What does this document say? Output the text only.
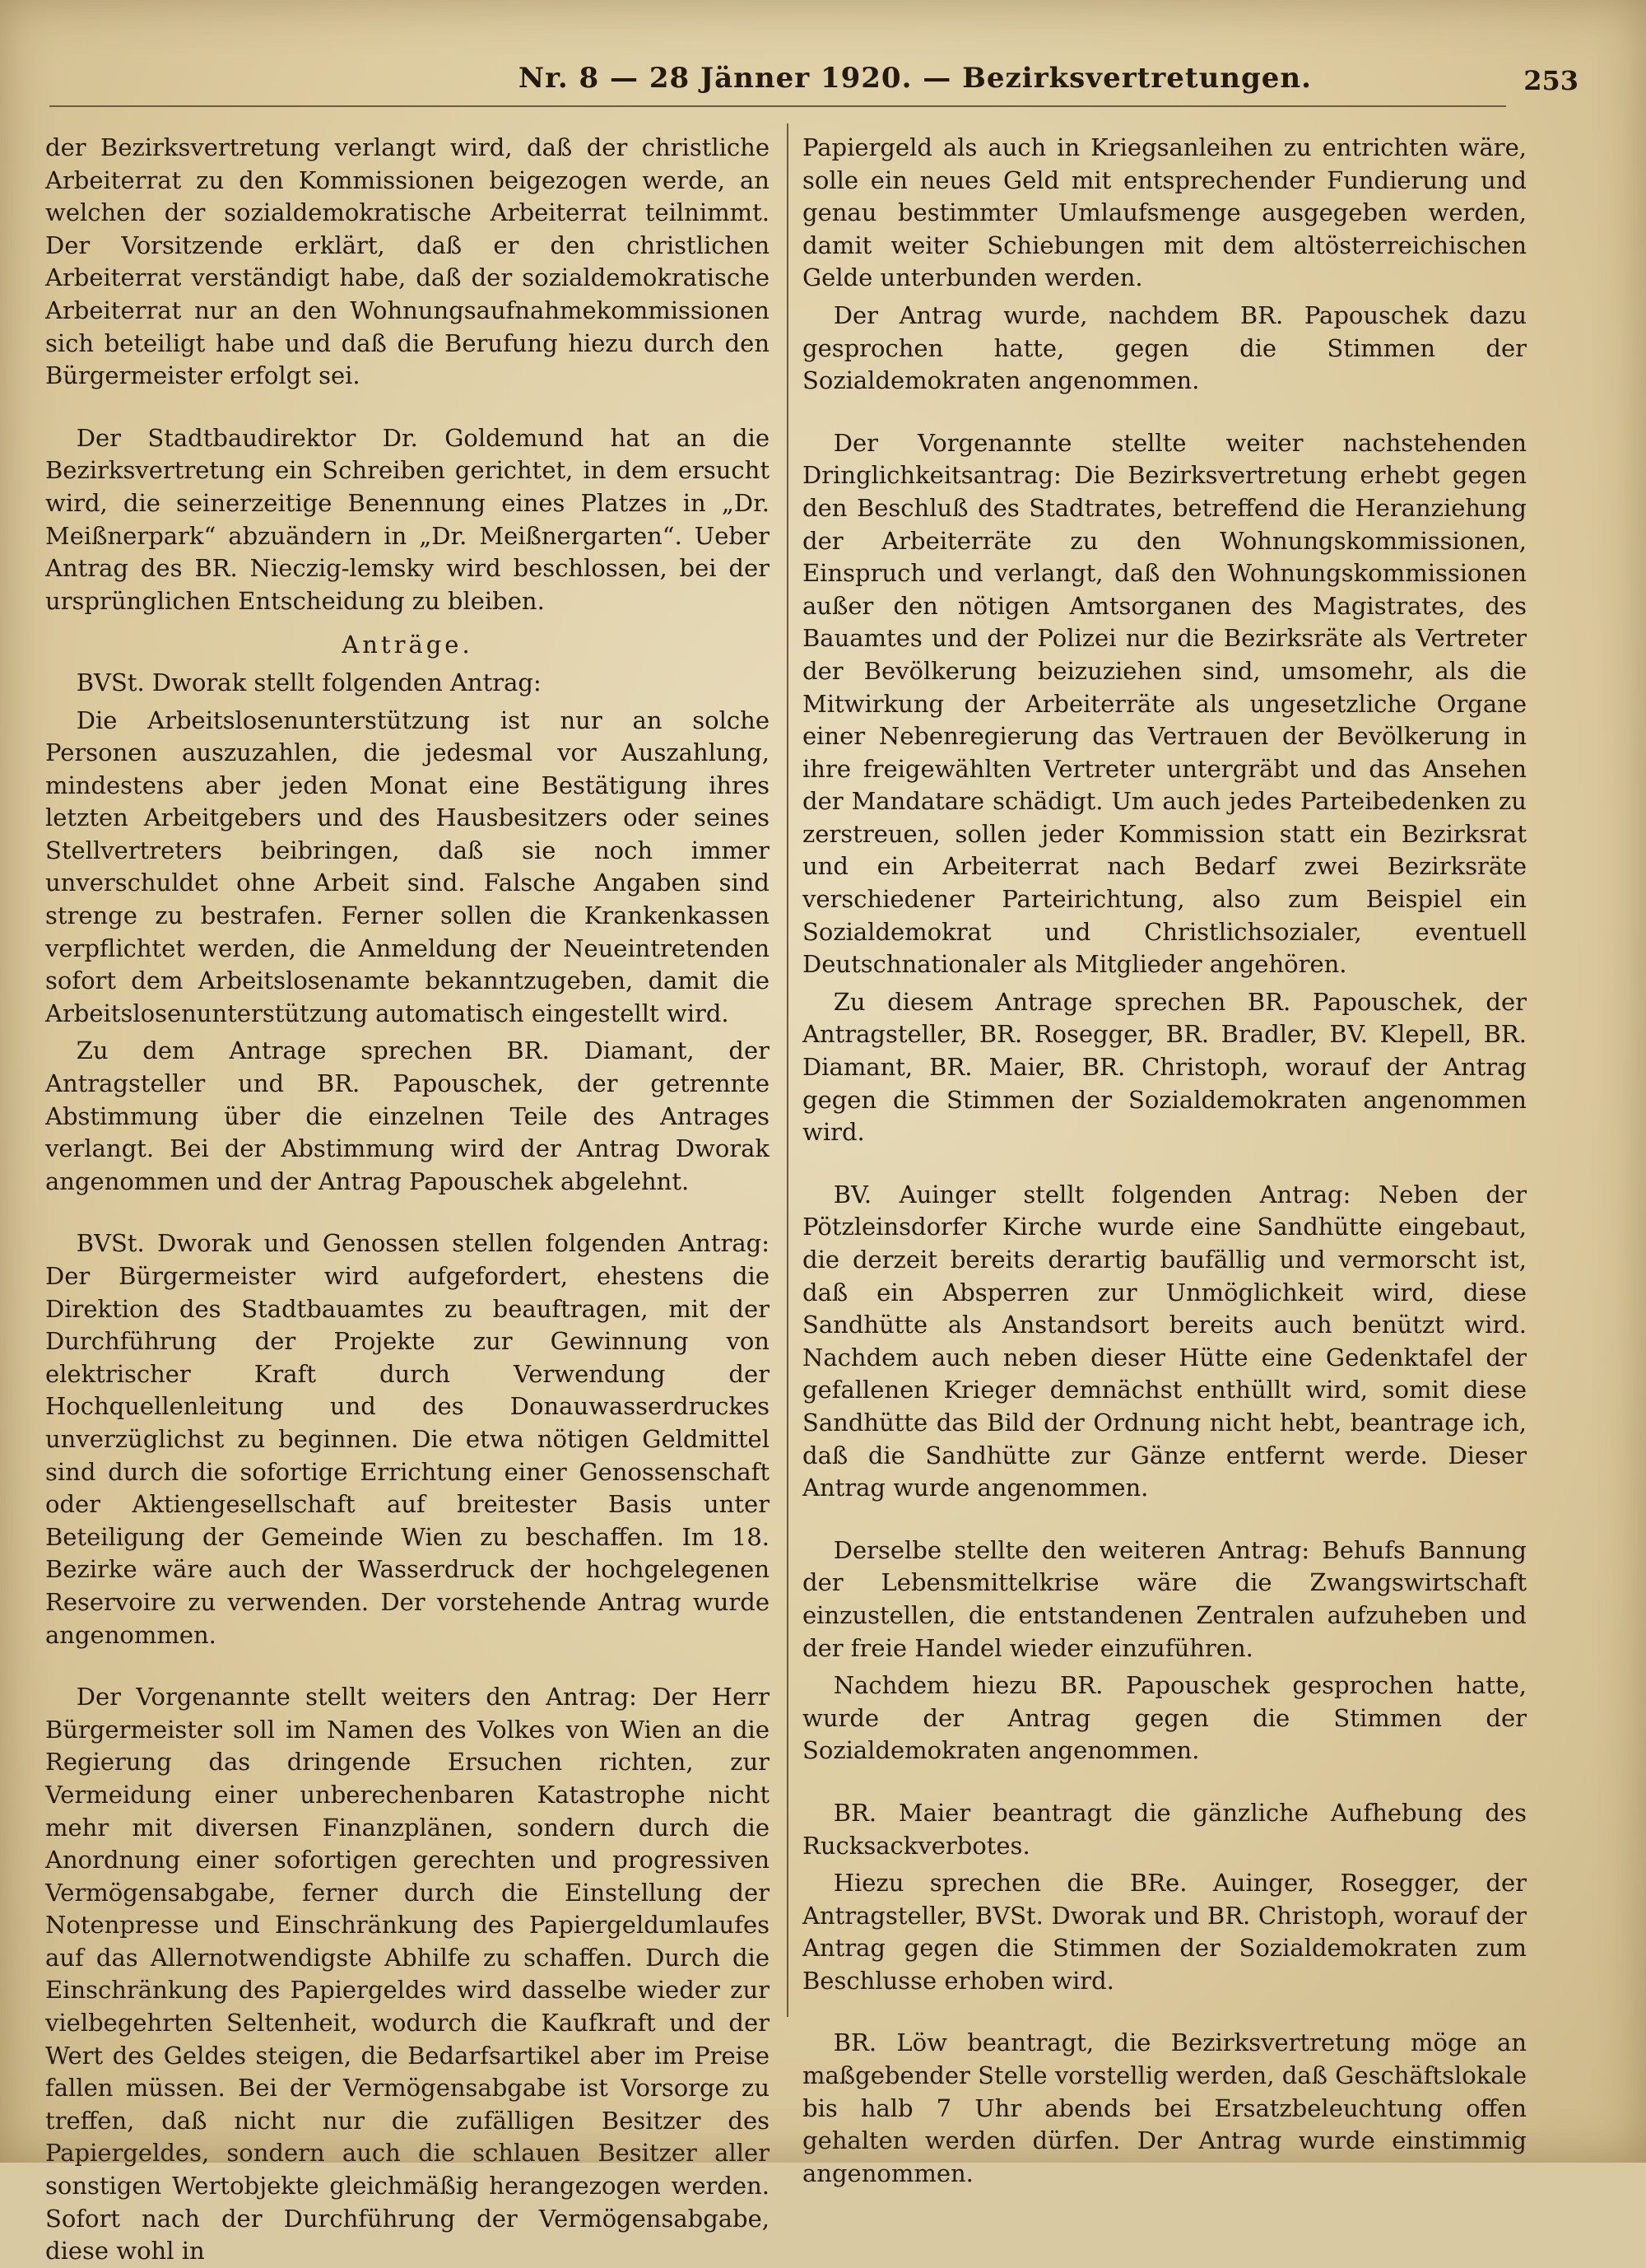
Nr. 8 — 28 Jänner 1920. — Bezirksvertretungen.	253

der Bezirksvertretung verlangt wird, daß der christliche Arbeiterrat zu den Kommissionen beigezogen werde, an welchen der sozialdemokratische Arbeiterrat teilnimmt. Der Vorsitzende erklärt, daß er den christlichen Arbeiterrat verständigt habe, daß der sozialdemokratische Arbeiterrat nur an den Wohnungsaufnahmekommissionen sich beteiligt habe und daß die Berufung hiezu durch den Bürgermeister erfolgt sei.

Der Stadtbaudirektor Dr. Goldemund hat an die Bezirksvertretung ein Schreiben gerichtet, in dem ersucht wird, die seinerzeitige Benennung eines Platzes in „Dr. Meißnerpark“ abzuändern in „Dr. Meißnergarten“. Ueber Antrag des BR. Nieczig-lemsky wird beschlossen, bei der ursprünglichen Entscheidung zu bleiben.

Anträge.

BVSt. Dworak stellt folgenden Antrag:

Die Arbeitslosenunterstützung ist nur an solche Personen auszuzahlen, die jedesmal vor Auszahlung, mindestens aber jeden Monat eine Bestätigung ihres letzten Arbeitgebers und des Hausbesitzers oder seines Stellvertreters beibringen, daß sie noch immer unverschuldet ohne Arbeit sind. Falsche Angaben sind strenge zu bestrafen. Ferner sollen die Krankenkassen verpflichtet werden, die Anmeldung der Neueintretenden sofort dem Arbeitslosenamte bekanntzugeben, damit die Arbeitslosenunterstützung automatisch eingestellt wird.

Zu dem Antrage sprechen BR. Diamant, der Antragsteller und BR. Papouschek, der getrennte Abstimmung über die einzelnen Teile des Antrages verlangt. Bei der Abstimmung wird der Antrag Dworak angenommen und der Antrag Papouschek abgelehnt.

BVSt. Dworak und Genossen stellen folgenden Antrag: Der Bürgermeister wird aufgefordert, ehestens die Direktion des Stadtbauamtes zu beauftragen, mit der Durchführung der Projekte zur Gewinnung von elektrischer Kraft durch Verwendung der Hochquellenleitung und des Donauwasserdruckes unverzüglichst zu beginnen. Die etwa nötigen Geldmittel sind durch die sofortige Errichtung einer Genossenschaft oder Aktiengesellschaft auf breitester Basis unter Beteiligung der Gemeinde Wien zu beschaffen. Im 18. Bezirke wäre auch der Wasserdruck der hochgelegenen Reservoire zu verwenden. Der vorstehende Antrag wurde angenommen.

Der Vorgenannte stellt weiters den Antrag: Der Herr Bürgermeister soll im Namen des Volkes von Wien an die Regierung das dringende Ersuchen richten, zur Vermeidung einer unberechenbaren Katastrophe nicht mehr mit diversen Finanzplänen, sondern durch die Anordnung einer sofortigen gerechten und progressiven Vermögensabgabe, ferner durch die Einstellung der Notenpresse und Einschränkung des Papiergeldumlaufes auf das Allernotwendigste Abhilfe zu schaffen. Durch die Einschränkung des Papiergeldes wird dasselbe wieder zur vielbegehrten Seltenheit, wodurch die Kaufkraft und der Wert des Geldes steigen, die Bedarfsartikel aber im Preise fallen müssen. Bei der Vermögensabgabe ist Vorsorge zu treffen, daß nicht nur die zufälligen Besitzer des Papiergeldes, sondern auch die schlauen Besitzer aller sonstigen Wertobjekte gleichmäßig herangezogen werden. Sofort nach der Durchführung der Vermögensabgabe, diese wohl in

Papiergeld als auch in Kriegsanleihen zu entrichten wäre, solle ein neues Geld mit entsprechender Fundierung und genau bestimmter Umlaufsmenge ausgegeben werden, damit weiter Schiebungen mit dem altösterreichischen Gelde unterbunden werden.

Der Antrag wurde, nachdem BR. Papouschek dazu gesprochen hatte, gegen die Stimmen der Sozialdemokraten angenommen.

Der Vorgenannte stellte weiter nachstehenden Dringlichkeitsantrag: Die Bezirksvertretung erhebt gegen den Beschluß des Stadtrates, betreffend die Heranziehung der Arbeiterräte zu den Wohnungskommissionen, Einspruch und verlangt, daß den Wohnungskommissionen außer den nötigen Amtsorganen des Magistrates, des Bauamtes und der Polizei nur die Bezirksräte als Vertreter der Bevölkerung beizuziehen sind, umsomehr, als die Mitwirkung der Arbeiterräte als ungesetzliche Organe einer Nebenregierung das Vertrauen der Bevölkerung in ihre freigewählten Vertreter untergräbt und das Ansehen der Mandatare schädigt. Um auch jedes Parteibedenken zu zerstreuen, sollen jeder Kommission statt ein Bezirksrat und ein Arbeiterrat nach Bedarf zwei Bezirksräte verschiedener Parteirichtung, also zum Beispiel ein Sozialdemokrat und Christlichsozialer, eventuell Deutschnationaler als Mitglieder angehören.

Zu diesem Antrage sprechen BR. Papouschek, der Antragsteller, BR. Rosegger, BR. Bradler, BV. Klepell, BR. Diamant, BR. Maier, BR. Christoph, worauf der Antrag gegen die Stimmen der Sozialdemokraten angenommen wird.

BV. Auinger stellt folgenden Antrag: Neben der Pötzleinsdorfer Kirche wurde eine Sandhütte eingebaut, die derzeit bereits derartig baufällig und vermorscht ist, daß ein Absperren zur Unmöglichkeit wird, diese Sandhütte als Anstandsort bereits auch benützt wird. Nachdem auch neben dieser Hütte eine Gedenktafel der gefallenen Krieger demnächst enthüllt wird, somit diese Sandhütte das Bild der Ordnung nicht hebt, beantrage ich, daß die Sandhütte zur Gänze entfernt werde. Dieser Antrag wurde angenommen.

Derselbe stellte den weiteren Antrag: Behufs Bannung der Lebensmittelkrise wäre die Zwangswirtschaft einzustellen, die entstandenen Zentralen aufzuheben und der freie Handel wieder einzuführen.

Nachdem hiezu BR. Papouschek gesprochen hatte, wurde der Antrag gegen die Stimmen der Sozialdemokraten angenommen.

BR. Maier beantragt die gänzliche Aufhebung des Rucksackverbotes.

Hiezu sprechen die BRe. Auinger, Rosegger, der Antragsteller, BVSt. Dworak und BR. Christoph, worauf der Antrag gegen die Stimmen der Sozialdemokraten zum Beschlusse erhoben wird.

BR. Löw beantragt, die Bezirksvertretung möge an maßgebender Stelle vorstellig werden, daß Geschäftslokale bis halb 7 Uhr abends bei Ersatzbeleuchtung offen gehalten werden dürfen. Der Antrag wurde einstimmig angenommen.
